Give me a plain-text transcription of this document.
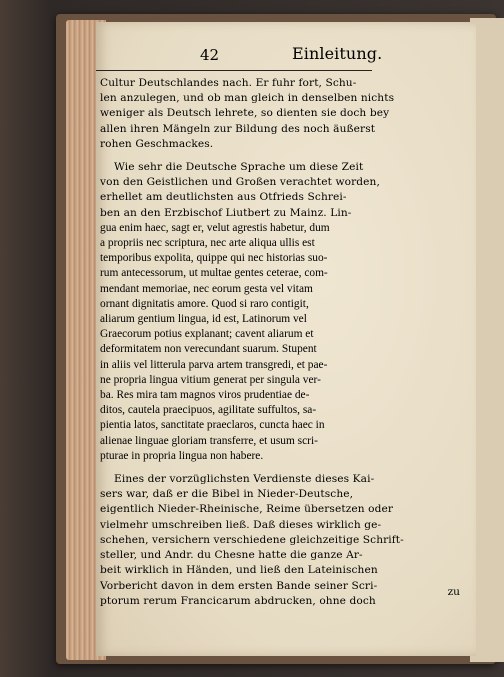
42	Einleitung.
Cultur Deutschlandes nach. Er fuhr fort, Schu-
len anzulegen, und ob man gleich in denselben nichts
weniger als Deutsch lehrete, so dienten sie doch bey
allen ihren Mängeln zur Bildung des noch äußerst
rohen Geschmackes.
Wie sehr die Deutsche Sprache um diese Zeit
von den Geistlichen und Großen verachtet worden,
erhellet am deutlichsten aus Otfrieds Schrei-
ben an den Erzbischof Liutbert zu Mainz. Lin-
gua enim haec, sagt er, velut agrestis habetur, dum
a propriis nec scriptura, nec arte aliqua ullis est
temporibus expolita, quippe qui nec historias suo-
rum antecessorum, ut multae gentes ceterae, com-
mendant memoriae, nec eorum gesta vel vitam
ornant dignitatis amore. Quod si raro contigit,
aliarum gentium lingua, id est, Latinorum vel
Graecorum potius explanant; cavent aliarum et
deformitatem non verecundant suarum. Stupent
in aliis vel litterula parva artem transgredi, et pae-
ne propria lingua vitium generat per singula ver-
ba. Res mira tam magnos viros prudentiae de-
ditos, cautela praecipuos, agilitate suffultos, sa-
pientia latos, sanctitate praeclaros, cuncta haec in
alienae linguae gloriam transferre, et usum scri-
pturae in propria lingua non habere.
Eines der vorzüglichsten Verdienste dieses Kai-
sers war, daß er die Bibel in Nieder-Deutsche,
eigentlich Nieder-Rheinische, Reime übersetzen oder
vielmehr umschreiben ließ. Daß dieses wirklich ge-
schehen, versichern verschiedene gleichzeitige Schrift-
steller, und Andr. du Chesne hatte die ganze Ar-
beit wirklich in Händen, und ließ den Lateinischen
Vorbericht davon in dem ersten Bande seiner Scri-
ptorum rerum Francicarum abdrucken, ohne doch
zu
